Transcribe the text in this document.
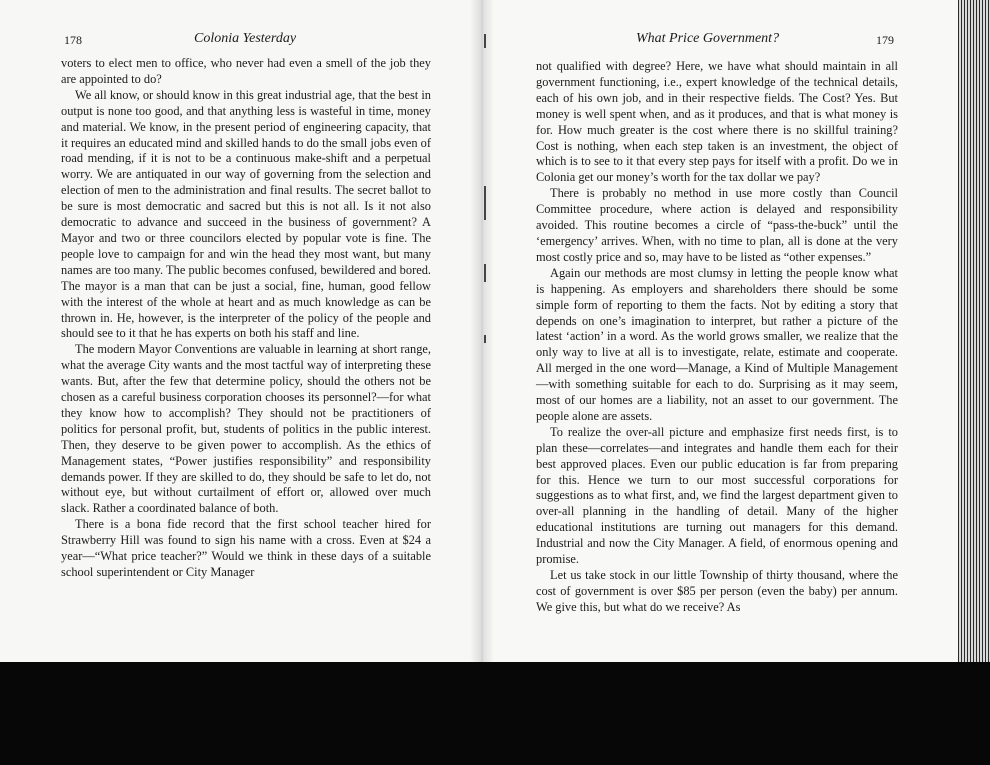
178	Colonia Yesterday	What Price Government?	179

voters to elect men to office, who never had even a smell of the job they are appointed to do?

We all know, or should know in this great industrial age, that the best in output is none too good, and that anything less is wasteful in time, money and material. We know, in the present period of engineering capacity, that it requires an educated mind and skilled hands to do the small jobs even of road mending, if it is not to be a continuous make-shift and a perpetual worry. We are antiquated in our way of governing from the selection and election of men to the administration and final results. The secret ballot to be sure is most democratic and sacred but this is not all. Is it not also democratic to advance and succeed in the business of government? A Mayor and two or three councilors elected by popular vote is fine. The people love to campaign for and win the head they most want, but many names are too many. The public becomes confused, bewildered and bored. The mayor is a man that can be just a social, fine, human, good fellow with the interest of the whole at heart and as much knowledge as can be thrown in. He, however, is the interpreter of the policy of the people and should see to it that he has experts on both his staff and line.

The modern Mayor Conventions are valuable in learning at short range, what the average City wants and the most tactful way of interpreting these wants. But, after the few that determine policy, should the others not be chosen as a careful business corporation chooses its personnel?—for what they know how to accomplish? They should not be practitioners of politics for personal profit, but, students of politics in the public interest. Then, they deserve to be given power to accomplish. As the ethics of Management states, “Power justifies responsibility” and responsibility demands power. If they are skilled to do, they should be safe to let do, not without eye, but without curtailment of effort or, allowed over much slack. Rather a coordinated balance of both.

There is a bona fide record that the first school teacher hired for Strawberry Hill was found to sign his name with a cross. Even at $24 a year—“What price teacher?” Would we think in these days of a suitable school superintendent or City Manager

not qualified with degree? Here, we have what should maintain in all government functioning, i.e., expert knowledge of the technical details, each of his own job, and in their respective fields. The Cost? Yes. But money is well spent when, and as it produces, and that is what money is for. How much greater is the cost where there is no skillful training? Cost is nothing, when each step taken is an investment, the object of which is to see to it that every step pays for itself with a profit. Do we in Colonia get our money’s worth for the tax dollar we pay?

There is probably no method in use more costly than Council Committee procedure, where action is delayed and responsibility avoided. This routine becomes a circle of “pass-the-buck” until the ‘emergency’ arrives. When, with no time to plan, all is done at the very most costly price and so, may have to be listed as “other expenses.”

Again our methods are most clumsy in letting the people know what is happening. As employers and shareholders there should be some simple form of reporting to them the facts. Not by editing a story that depends on one’s imagination to interpret, but rather a picture of the latest ‘action’ in a word. As the world grows smaller, we realize that the only way to live at all is to investigate, relate, estimate and cooperate. All merged in the one word—Manage, a Kind of Multiple Management—with something suitable for each to do. Surprising as it may seem, most of our homes are a liability, not an asset to our government. The people alone are assets.

To realize the over-all picture and emphasize first needs first, is to plan these—correlates—and integrates and handle them each for their best approved places. Even our public education is far from preparing for this. Hence we turn to our most successful corporations for suggestions as to what first, and, we find the largest department given to over-all planning in the handling of detail. Many of the higher educational institutions are turning out managers for this demand. Industrial and now the City Manager. A field, of enormous opening and promise.

Let us take stock in our little Township of thirty thousand, where the cost of government is over $85 per person (even the baby) per annum. We give this, but what do we receive? As
